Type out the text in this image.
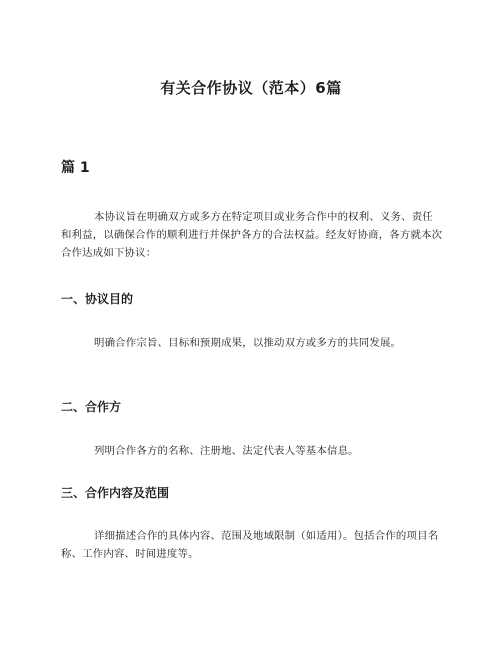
有关合作协议（范本）6篇
篇 1

本协议旨在明确双方或多方在特定项目或业务合作中的权利、义务、责任和利益，以确保合作的顺利进行并保护各方的合法权益。经友好协商，各方就本次合作达成如下协议：

一、协议目的

明确合作宗旨、目标和预期成果，以推动双方或多方的共同发展。

二、合作方

列明合作各方的名称、注册地、法定代表人等基本信息。

三、合作内容及范围

详细描述合作的具体内容、范围及地域限制（如适用）。包括合作的项目名称、工作内容、时间进度等。
